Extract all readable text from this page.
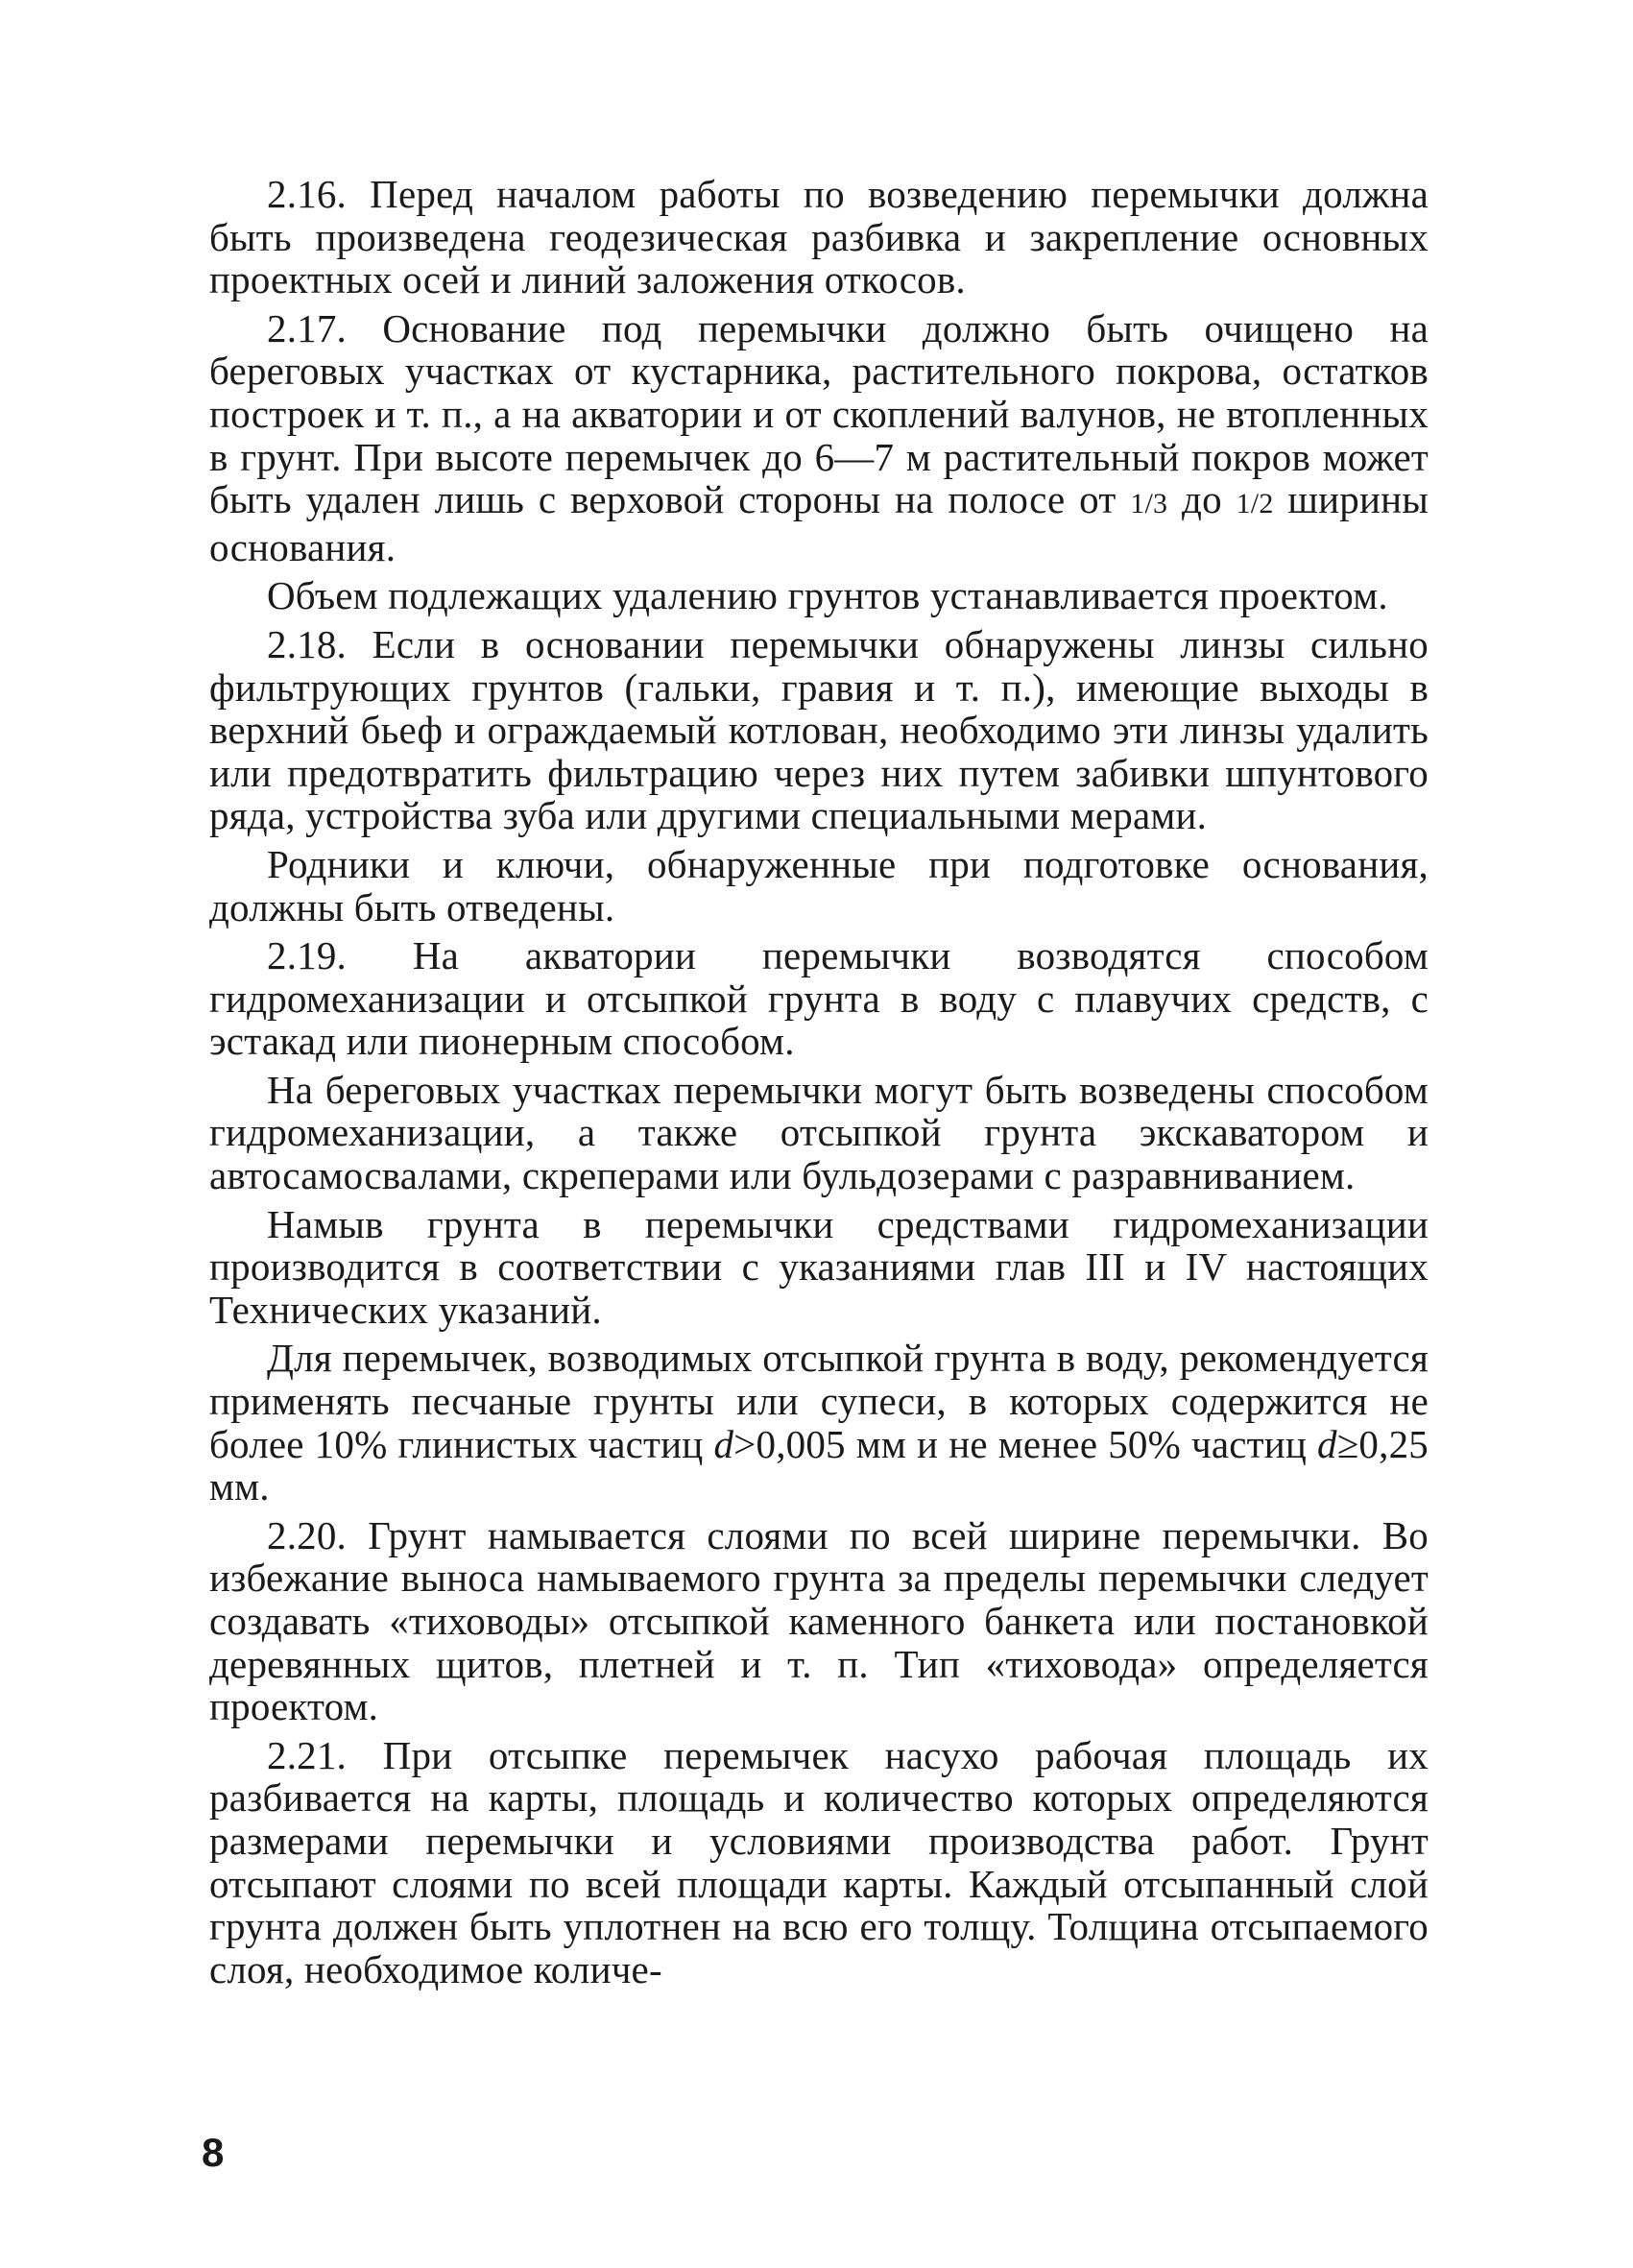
2.16. Перед началом работы по возведению перемычки должна быть произведена геодезическая разбивка и закрепление основных проектных осей и линий заложения откосов.

2.17. Основание под перемычки должно быть очищено на береговых участках от кустарника, растительного покрова, остатков построек и т. п., а на акватории и от скоплений валунов, не втопленных в грунт. При высоте перемычек до 6—7 м растительный покров может быть удален лишь с верховой стороны на полосе от 1/3 до 1/2 ширины основания.

Объем подлежащих удалению грунтов устанавливается проектом.

2.18. Если в основании перемычки обнаружены линзы сильно фильтрующих грунтов (гальки, гравия и т. п.), имеющие выходы в верхний бьеф и ограждаемый котлован, необходимо эти линзы удалить или предотвратить фильтрацию через них путем забивки шпунтового ряда, устройства зуба или другими специальными мерами.

Родники и ключи, обнаруженные при подготовке основания, должны быть отведены.

2.19. На акватории перемычки возводятся способом гидромеханизации и отсыпкой грунта в воду с плавучих средств, с эстакад или пионерным способом.

На береговых участках перемычки могут быть возведены способом гидромеханизации, а также отсыпкой грунта экскаватором и автосамосвалами, скреперами или бульдозерами с разравниванием.

Намыв грунта в перемычки средствами гидромеханизации производится в соответствии с указаниями глав III и IV настоящих Технических указаний.

Для перемычек, возводимых отсыпкой грунта в воду, рекомендуется применять песчаные грунты или супеси, в которых содержится не более 10% глинистых частиц d>0,005 мм и не менее 50% частиц d≥0,25 мм.

2.20. Грунт намывается слоями по всей ширине перемычки. Во избежание выноса намываемого грунта за пределы перемычки следует создавать «тиховоды» отсыпкой каменного банкета или постановкой деревянных щитов, плетней и т. п. Тип «тиховода» определяется проектом.

2.21. При отсыпке перемычек насухо рабочая площадь их разбивается на карты, площадь и количество которых определяются размерами перемычки и условиями производства работ. Грунт отсыпают слоями по всей площади карты. Каждый отсыпанный слой грунта должен быть уплотнен на всю его толщу. Толщина отсыпаемого слоя, необходимое количе-

8
